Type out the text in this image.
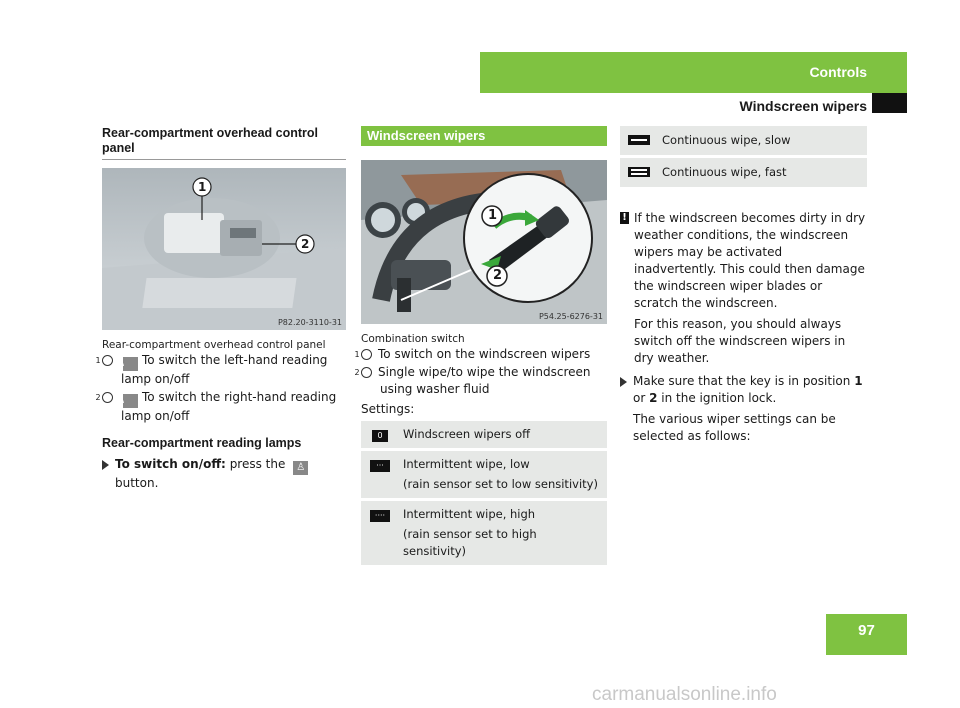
Controls
Windscreen wipers
Rear-compartment overhead control panel
1
2
P82.20-3110-31
Rear-compartment overhead control panel
1 ♙ To switch the left-hand reading lamp on/off
2 ♙ To switch the right-hand reading lamp on/off
Rear-compartment reading lamps
To switch on/off: press the ♙button.
Windscreen wipers
1
2
P54.25-6276-31
Combination switch
1 To switch on the windscreen wipers
2 Single wipe/to wipe the windscreen using washer fluid
Settings:
0	Windscreen wipers off

···	Intermittent wipe, low
(rain sensor set to low sensitivity)

····	Intermittent wipe, high
(rain sensor set to high sensitivity)

	Continuous wipe, slow

	Continuous wipe, fast
! If the windscreen becomes dirty in dry weather conditions, the windscreen wipers may be activated inadvertently. This could then damage the windscreen wiper blades or scratch the windscreen.
For this reason, you should always switch off the windscreen wipers in dry weather.
Make sure that the key is in position 1 or 2 in the ignition lock.
The various wiper settings can be selected as follows:
97
carmanualsonline.info
